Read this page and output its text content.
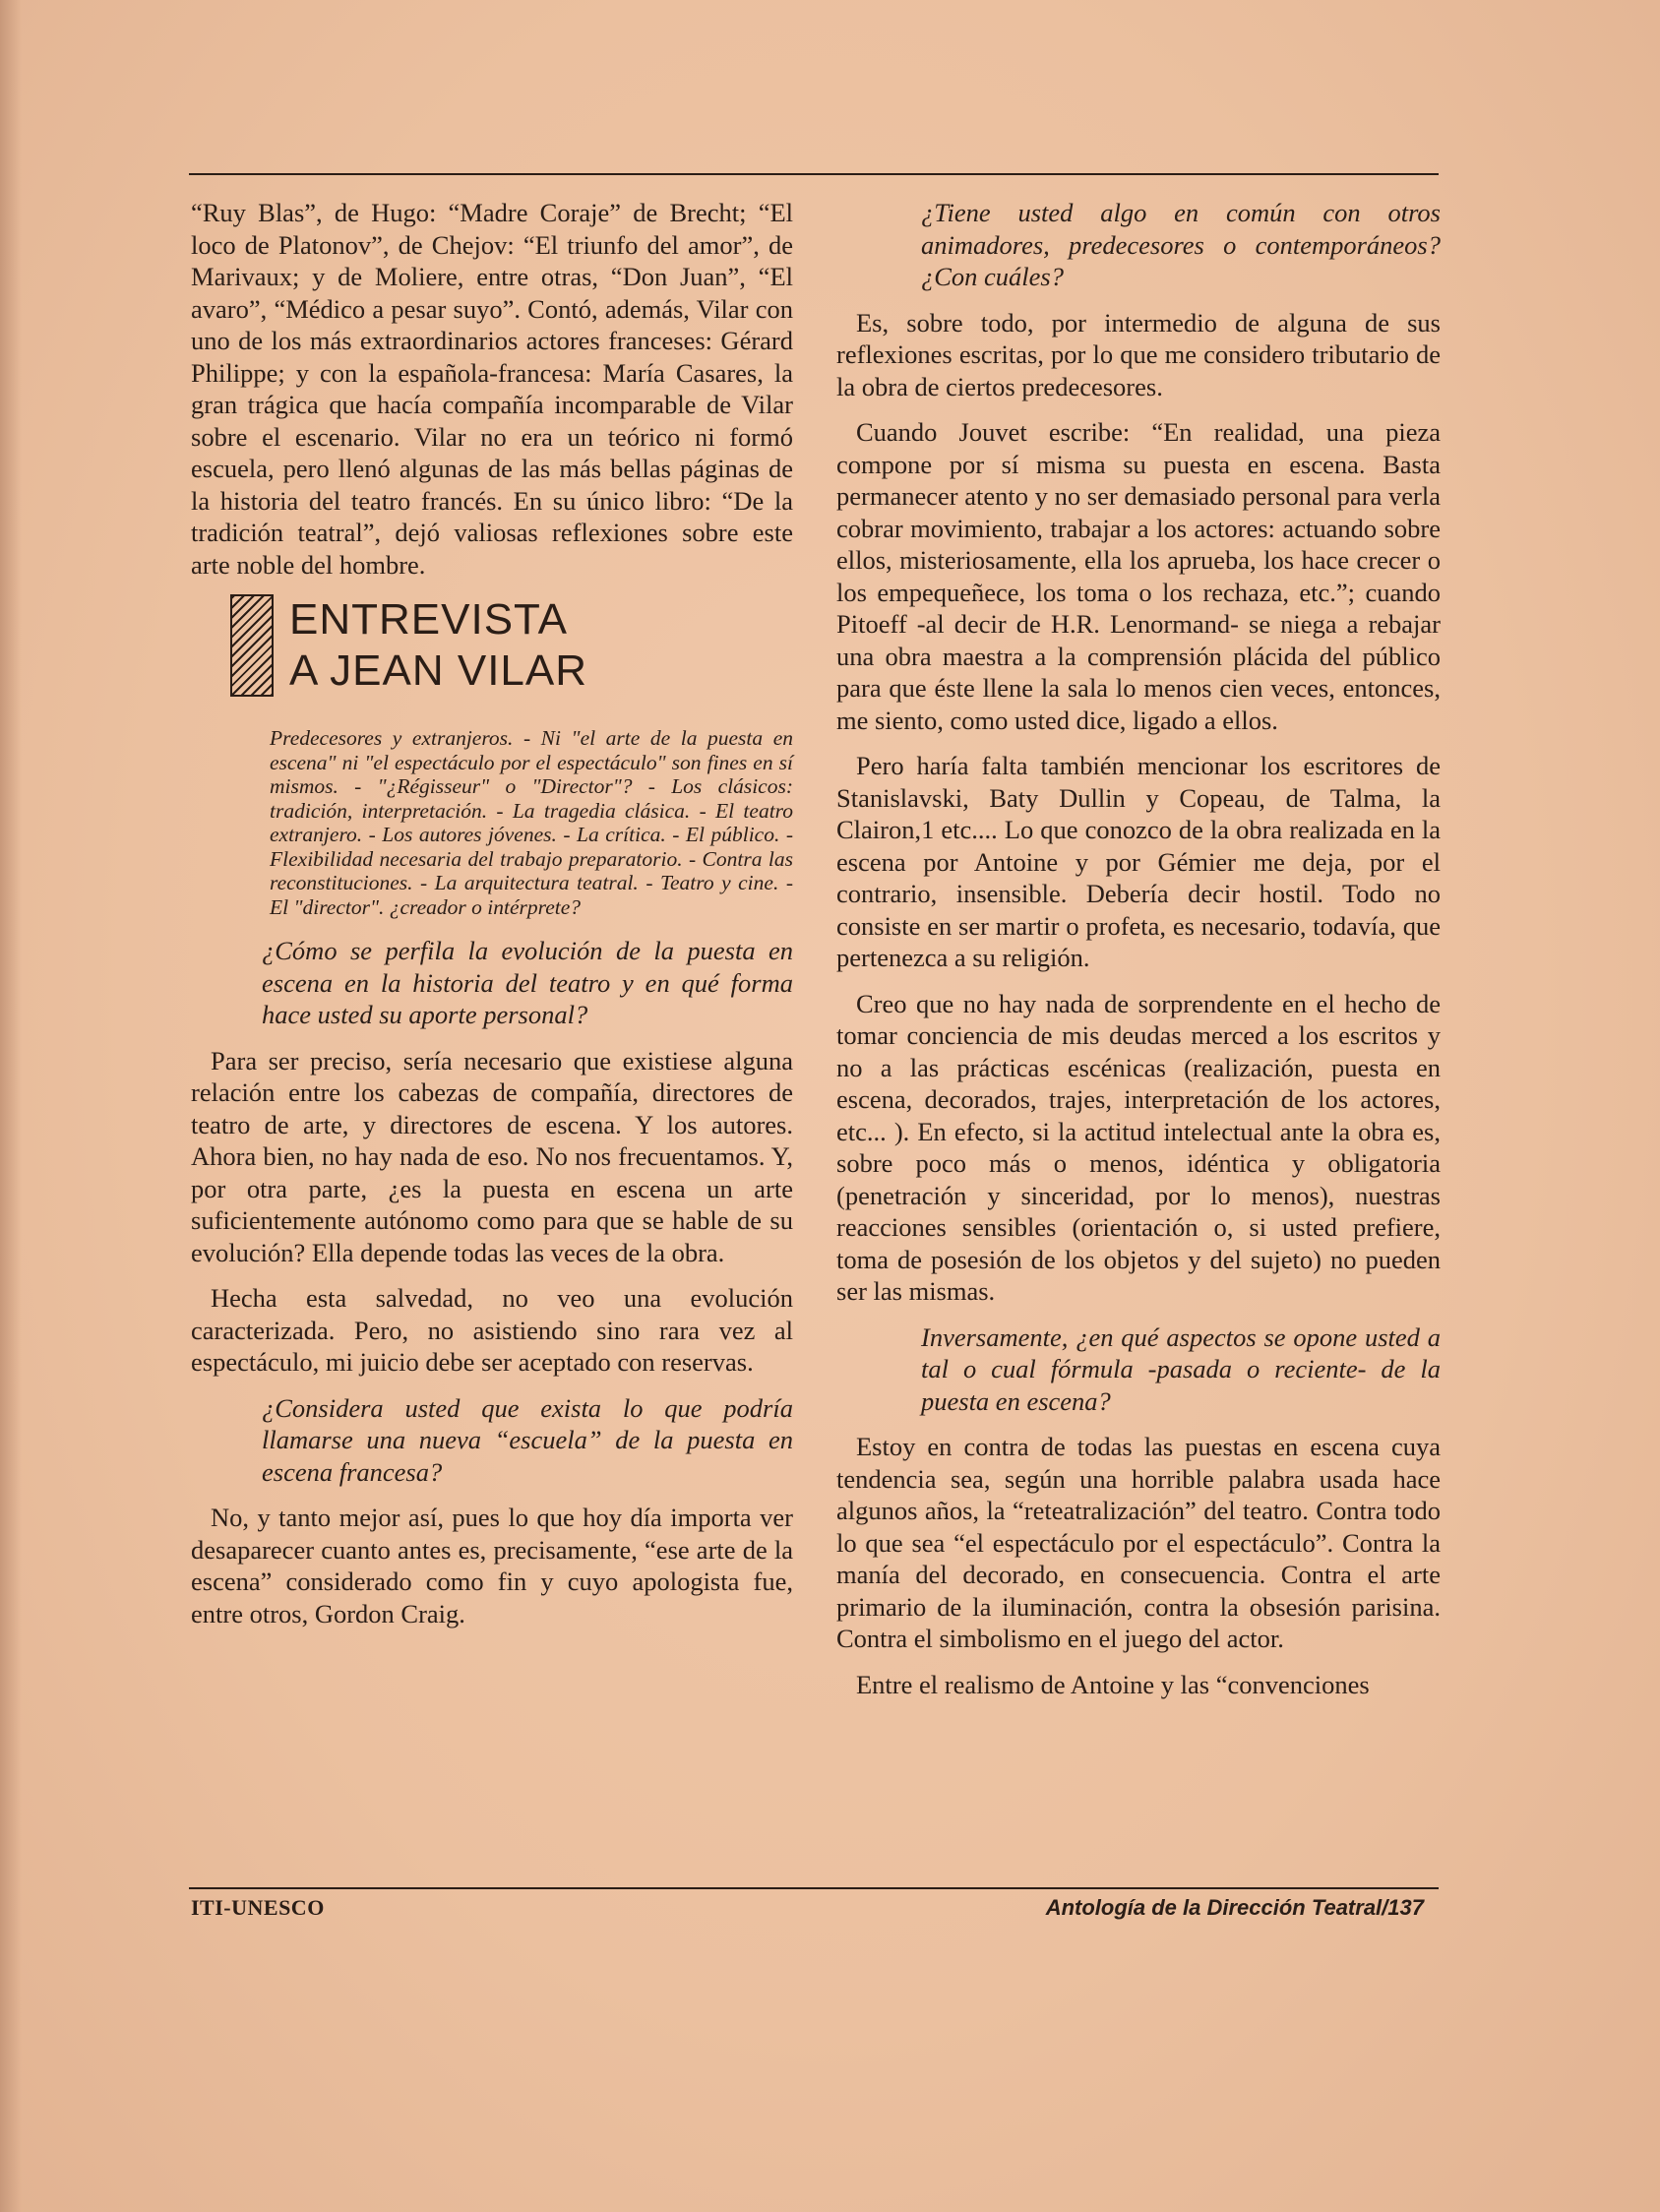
“Ruy Blas”, de Hugo: “Madre Coraje” de Brecht; “El loco de Platonov”, de Chejov: “El triunfo del amor”, de Marivaux; y de Moliere, entre otras, “Don Juan”, “El avaro”, “Médico a pesar suyo”. Contó, además, Vilar con uno de los más extraordinarios actores franceses: Gérard Philippe; y con la española-francesa: María Casares, la gran trágica que hacía compañía incomparable de Vilar sobre el escenario. Vilar no era un teórico ni formó escuela, pero llenó algunas de las más bellas páginas de la historia del teatro francés. En su único libro: “De la tradición teatral”, dejó valiosas reflexiones sobre este arte noble del hombre.

ENTREVISTA
A JEAN VILAR

Predecesores y extranjeros. - Ni "el arte de la puesta en escena" ni "el espectáculo por el espectáculo" son fines en sí mismos. - "¿Régisseur" o "Director"? - Los clásicos: tradición, interpretación. - La tragedia clásica. - El teatro extranjero. - Los autores jóvenes. - La crítica. - El público. - Flexibilidad necesaria del trabajo preparatorio. - Contra las reconstituciones. - La arquitectura teatral. - Teatro y cine. - El "director". ¿creador o intérprete?

¿Cómo se perfila la evolución de la puesta en escena en la historia del teatro y en qué forma hace usted su aporte personal?

Para ser preciso, sería necesario que existiese alguna relación entre los cabezas de compañía, directores de teatro de arte, y directores de escena. Y los autores. Ahora bien, no hay nada de eso. No nos frecuentamos. Y, por otra parte, ¿es la puesta en escena un arte suficientemente autónomo como para que se hable de su evolución? Ella depende todas las veces de la obra.

Hecha esta salvedad, no veo una evolución caracterizada. Pero, no asistiendo sino rara vez al espectáculo, mi juicio debe ser aceptado con reservas.

¿Considera usted que exista lo que podría llamarse una nueva “escuela” de la puesta en escena francesa?

No, y tanto mejor así, pues lo que hoy día importa ver desaparecer cuanto antes es, precisamente, “ese arte de la escena” considerado como fin y cuyo apologista fue, entre otros, Gordon Craig.

¿Tiene usted algo en común con otros animadores, predecesores o contemporáneos? ¿Con cuáles?

Es, sobre todo, por intermedio de alguna de sus reflexiones escritas, por lo que me considero tributario de la obra de ciertos predecesores.

Cuando Jouvet escribe: “En realidad, una pieza compone por sí misma su puesta en escena. Basta permanecer atento y no ser demasiado personal para verla cobrar movimiento, trabajar a los actores: actuando sobre ellos, misteriosamente, ella los aprueba, los hace crecer o los empequeñece, los toma o los rechaza, etc.”; cuando Pitoeff -al decir de H.R. Lenormand- se niega a rebajar una obra maestra a la comprensión plácida del público para que éste llene la sala lo menos cien veces, entonces, me siento, como usted dice, ligado a ellos.

Pero haría falta también mencionar los escritores de Stanislavski, Baty Dullin y Copeau, de Talma, la Clairon,1 etc.... Lo que conozco de la obra realizada en la escena por Antoine y por Gémier me deja, por el contrario, insensible. Debería decir hostil. Todo no consiste en ser martir o profeta, es necesario, todavía, que pertenezca a su religión.

Creo que no hay nada de sorprendente en el hecho de tomar conciencia de mis deudas merced a los escritos y no a las prácticas escénicas (realización, puesta en escena, decorados, trajes, interpretación de los actores, etc... ). En efecto, si la actitud intelectual ante la obra es, sobre poco más o menos, idéntica y obligatoria (penetración y sinceridad, por lo menos), nuestras reacciones sensibles (orientación o, si usted prefiere, toma de posesión de los objetos y del sujeto) no pueden ser las mismas.

Inversamente, ¿en qué aspectos se opone usted a tal o cual fórmula -pasada o reciente- de la puesta en escena?

Estoy en contra de todas las puestas en escena cuya tendencia sea, según una horrible palabra usada hace algunos años, la “reteatralización” del teatro. Contra todo lo que sea “el espectáculo por el espectáculo”. Contra la manía del decorado, en consecuencia. Contra el arte primario de la iluminación, contra la obsesión parisina. Contra el simbolismo en el juego del actor.

Entre el realismo de Antoine y las “convenciones

ITI-UNESCO	Antología de la Dirección Teatral/137
